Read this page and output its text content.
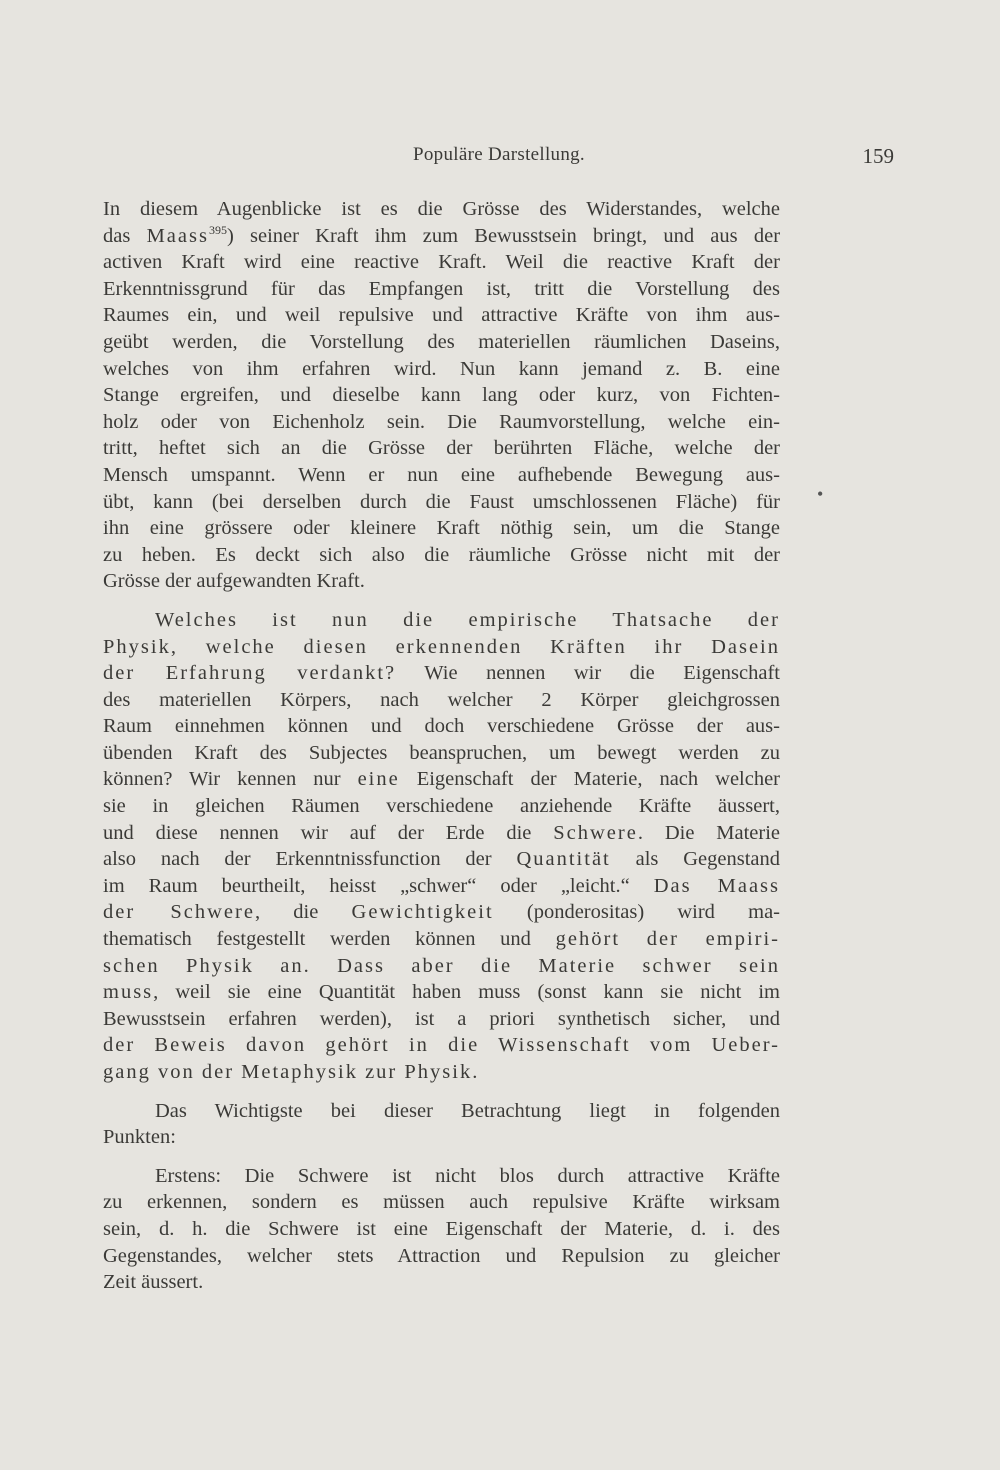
Populäre Darstellung.	159
•
In diesem Augenblicke ist es die Grösse des Widerstandes, welche
das Maass$^{395}$) seiner Kraft ihm zum Bewusstsein bringt, und aus der
activen Kraft wird eine reactive Kraft. Weil die reactive Kraft der
Erkenntnissgrund für das Empfangen ist, tritt die Vorstellung des
Raumes ein, und weil repulsive und attractive Kräfte von ihm aus-
geübt werden, die Vorstellung des materiellen räumlichen Daseins,
welches von ihm erfahren wird. Nun kann jemand z. B. eine
Stange ergreifen, und dieselbe kann lang oder kurz, von Fichten-
holz oder von Eichenholz sein. Die Raumvorstellung, welche ein-
tritt, heftet sich an die Grösse der berührten Fläche, welche der
Mensch umspannt. Wenn er nun eine aufhebende Bewegung aus-
übt, kann (bei derselben durch die Faust umschlossenen Fläche) für
ihn eine grössere oder kleinere Kraft nöthig sein, um die Stange
zu heben. Es deckt sich also die räumliche Grösse nicht mit der
Grösse der aufgewandten Kraft.
Welches ist nun die empirische Thatsache der
Physik, welche diesen erkennenden Kräften ihr Dasein
der Erfahrung verdankt? Wie nennen wir die Eigenschaft
des materiellen Körpers, nach welcher 2 Körper gleichgrossen
Raum einnehmen können und doch verschiedene Grösse der aus-
übenden Kraft des Subjectes beanspruchen, um bewegt werden zu
können? Wir kennen nur eine Eigenschaft der Materie, nach welcher
sie in gleichen Räumen verschiedene anziehende Kräfte äussert,
und diese nennen wir auf der Erde die Schwere. Die Materie
also nach der Erkenntnissfunction der Quantität als Gegenstand
im Raum beurtheilt, heisst „schwer“ oder „leicht.“ Das Maass
der Schwere, die Gewichtigkeit (ponderositas) wird ma-
thematisch festgestellt werden können und gehört der empiri-
schen Physik an. Dass aber die Materie schwer sein
muss, weil sie eine Quantität haben muss (sonst kann sie nicht im
Bewusstsein erfahren werden), ist a priori synthetisch sicher, und
der Beweis davon gehört in die Wissenschaft vom Ueber-
gang von der Metaphysik zur Physik.
Das Wichtigste bei dieser Betrachtung liegt in folgenden
Punkten:
Erstens: Die Schwere ist nicht blos durch attractive Kräfte
zu erkennen, sondern es müssen auch repulsive Kräfte wirksam
sein, d. h. die Schwere ist eine Eigenschaft der Materie, d. i. des
Gegenstandes, welcher stets Attraction und Repulsion zu gleicher
Zeit äussert.
